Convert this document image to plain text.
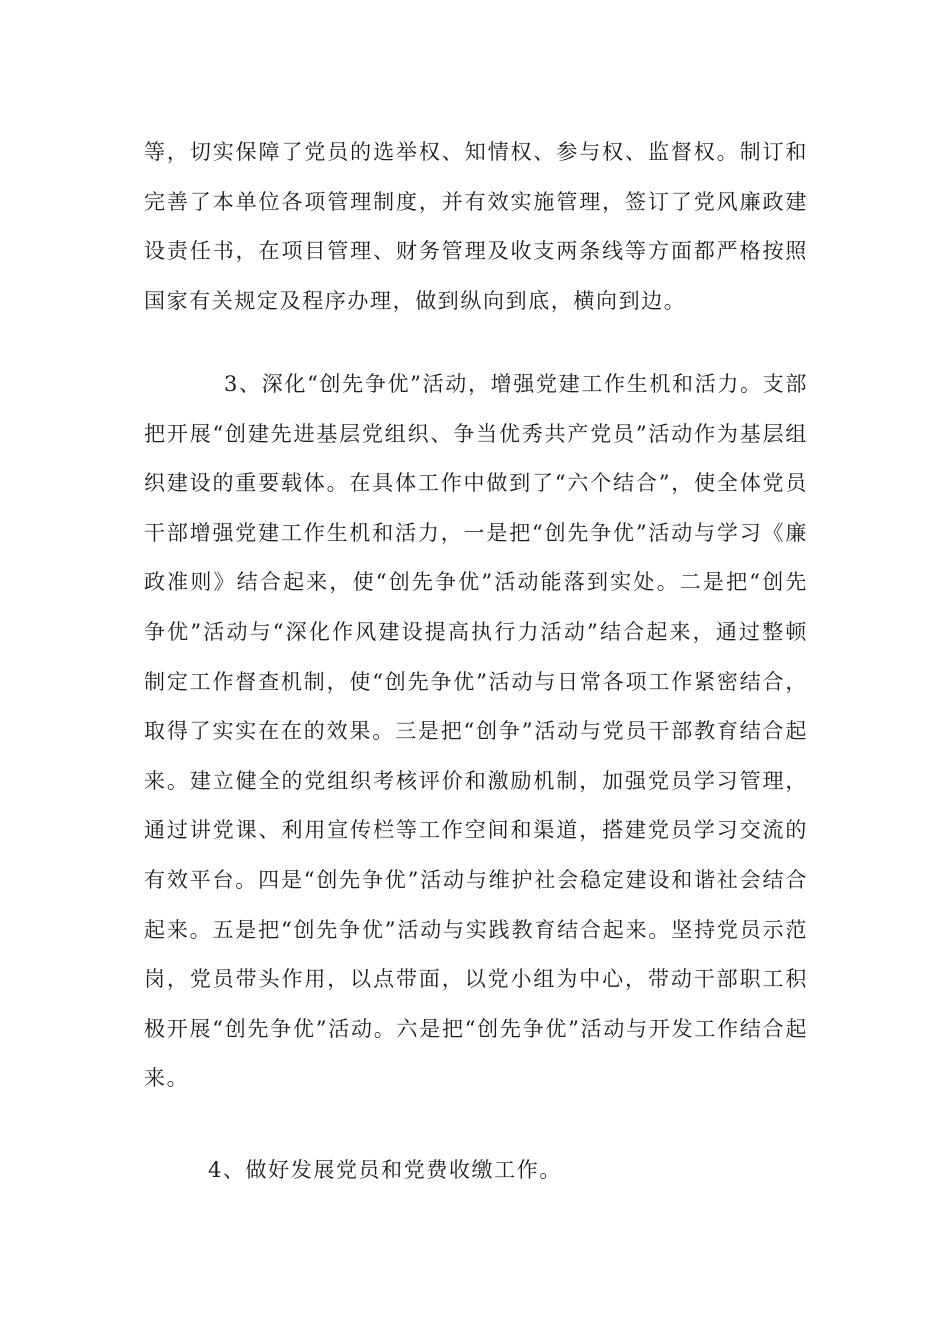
等，切实保障了党员的选举权、知情权、参与权、监督权。制订和完善了本单位各项管理制度，并有效实施管理，签订了党风廉政建设责任书，在项目管理、财务管理及收支两条线等方面都严格按照国家有关规定及程序办理，做到纵向到底，横向到边。

3、深化“创先争优”活动，增强党建工作生机和活力。支部把开展“创建先进基层党组织、争当优秀共产党员”活动作为基层组织建设的重要载体。在具体工作中做到了“六个结合”，使全体党员干部增强党建工作生机和活力，一是把“创先争优”活动与学习《廉政准则》结合起来，使“创先争优”活动能落到实处。二是把“创先争优”活动与“深化作风建设提高执行力活动”结合起来，通过整顿制定工作督查机制，使“创先争优”活动与日常各项工作紧密结合，取得了实实在在的效果。三是把“创争”活动与党员干部教育结合起来。建立健全的党组织考核评价和激励机制，加强党员学习管理，通过讲党课、利用宣传栏等工作空间和渠道，搭建党员学习交流的有效平台。四是“创先争优”活动与维护社会稳定建设和谐社会结合起来。五是把“创先争优”活动与实践教育结合起来。坚持党员示范岗，党员带头作用，以点带面，以党小组为中心，带动干部职工积极开展“创先争优”活动。六是把“创先争优”活动与开发工作结合起来。

4、做好发展党员和党费收缴工作。
